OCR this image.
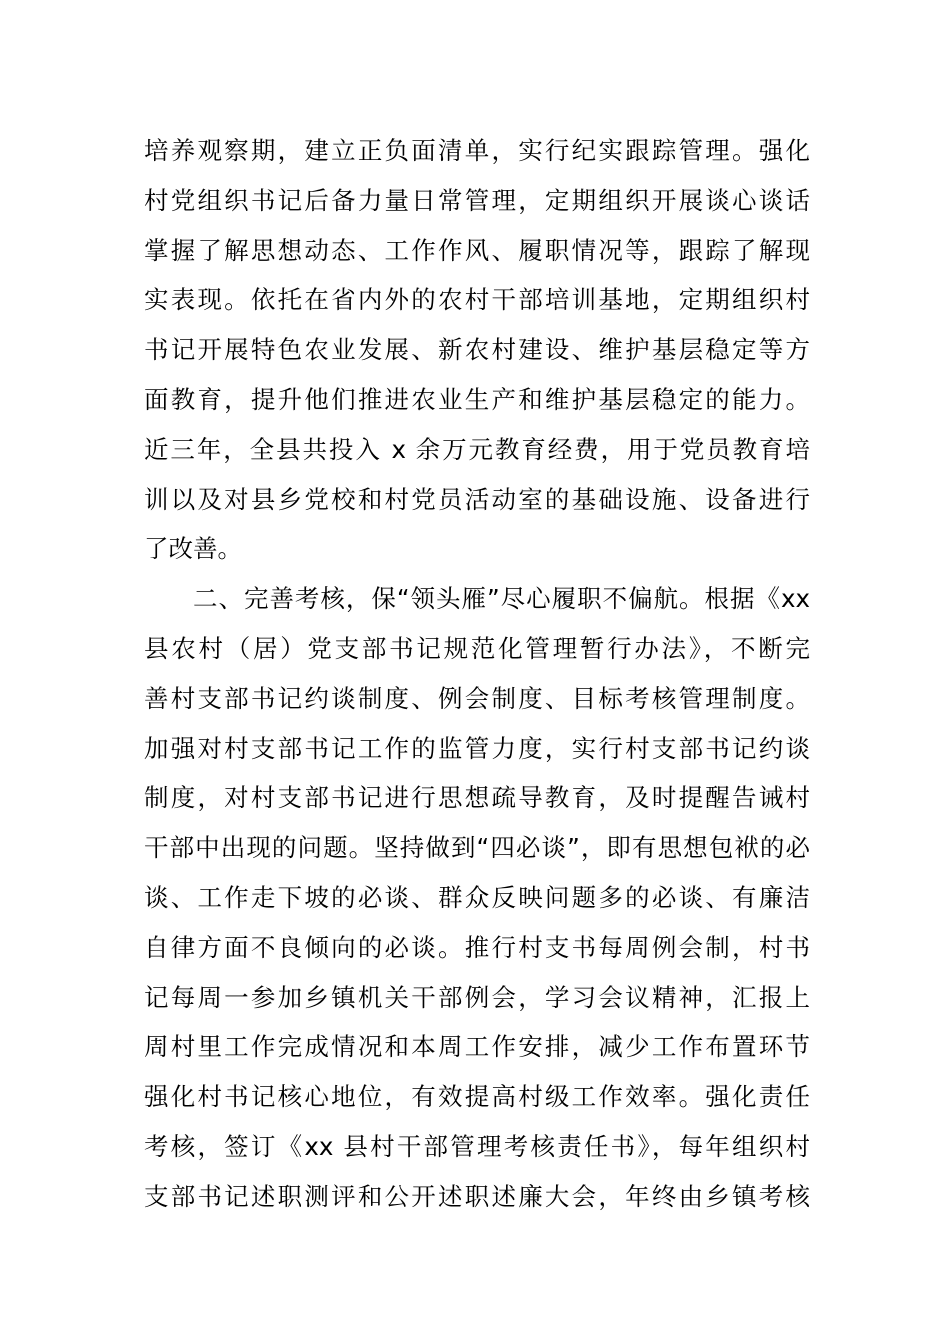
培养观察期，建立正负面清单，实行纪实跟踪管理。强化
村党组织书记后备力量日常管理，定期组织开展谈心谈话
掌握了解思想动态、工作作风、履职情况等，跟踪了解现
实表现。依托在省内外的农村干部培训基地，定期组织村
书记开展特色农业发展、新农村建设、维护基层稳定等方
面教育，提升他们推进农业生产和维护基层稳定的能力。
近三年，全县共投入 x 余万元教育经费，用于党员教育培
训以及对县乡党校和村党员活动室的基础设施、设备进行
了改善。
二、完善考核，保“领头雁”尽心履职不偏航。根据《xx
县农村（居）党支部书记规范化管理暂行办法》，不断完
善村支部书记约谈制度、例会制度、目标考核管理制度。
加强对村支部书记工作的监管力度，实行村支部书记约谈
制度，对村支部书记进行思想疏导教育，及时提醒告诫村
干部中出现的问题。坚持做到“四必谈”，即有思想包袱的必
谈、工作走下坡的必谈、群众反映问题多的必谈、有廉洁
自律方面不良倾向的必谈。推行村支书每周例会制，村书
记每周一参加乡镇机关干部例会，学习会议精神，汇报上
周村里工作完成情况和本周工作安排，减少工作布置环节
强化村书记核心地位，有效提高村级工作效率。强化责任
考核，签订《xx 县村干部管理考核责任书》，每年组织村
支部书记述职测评和公开述职述廉大会，年终由乡镇考核
